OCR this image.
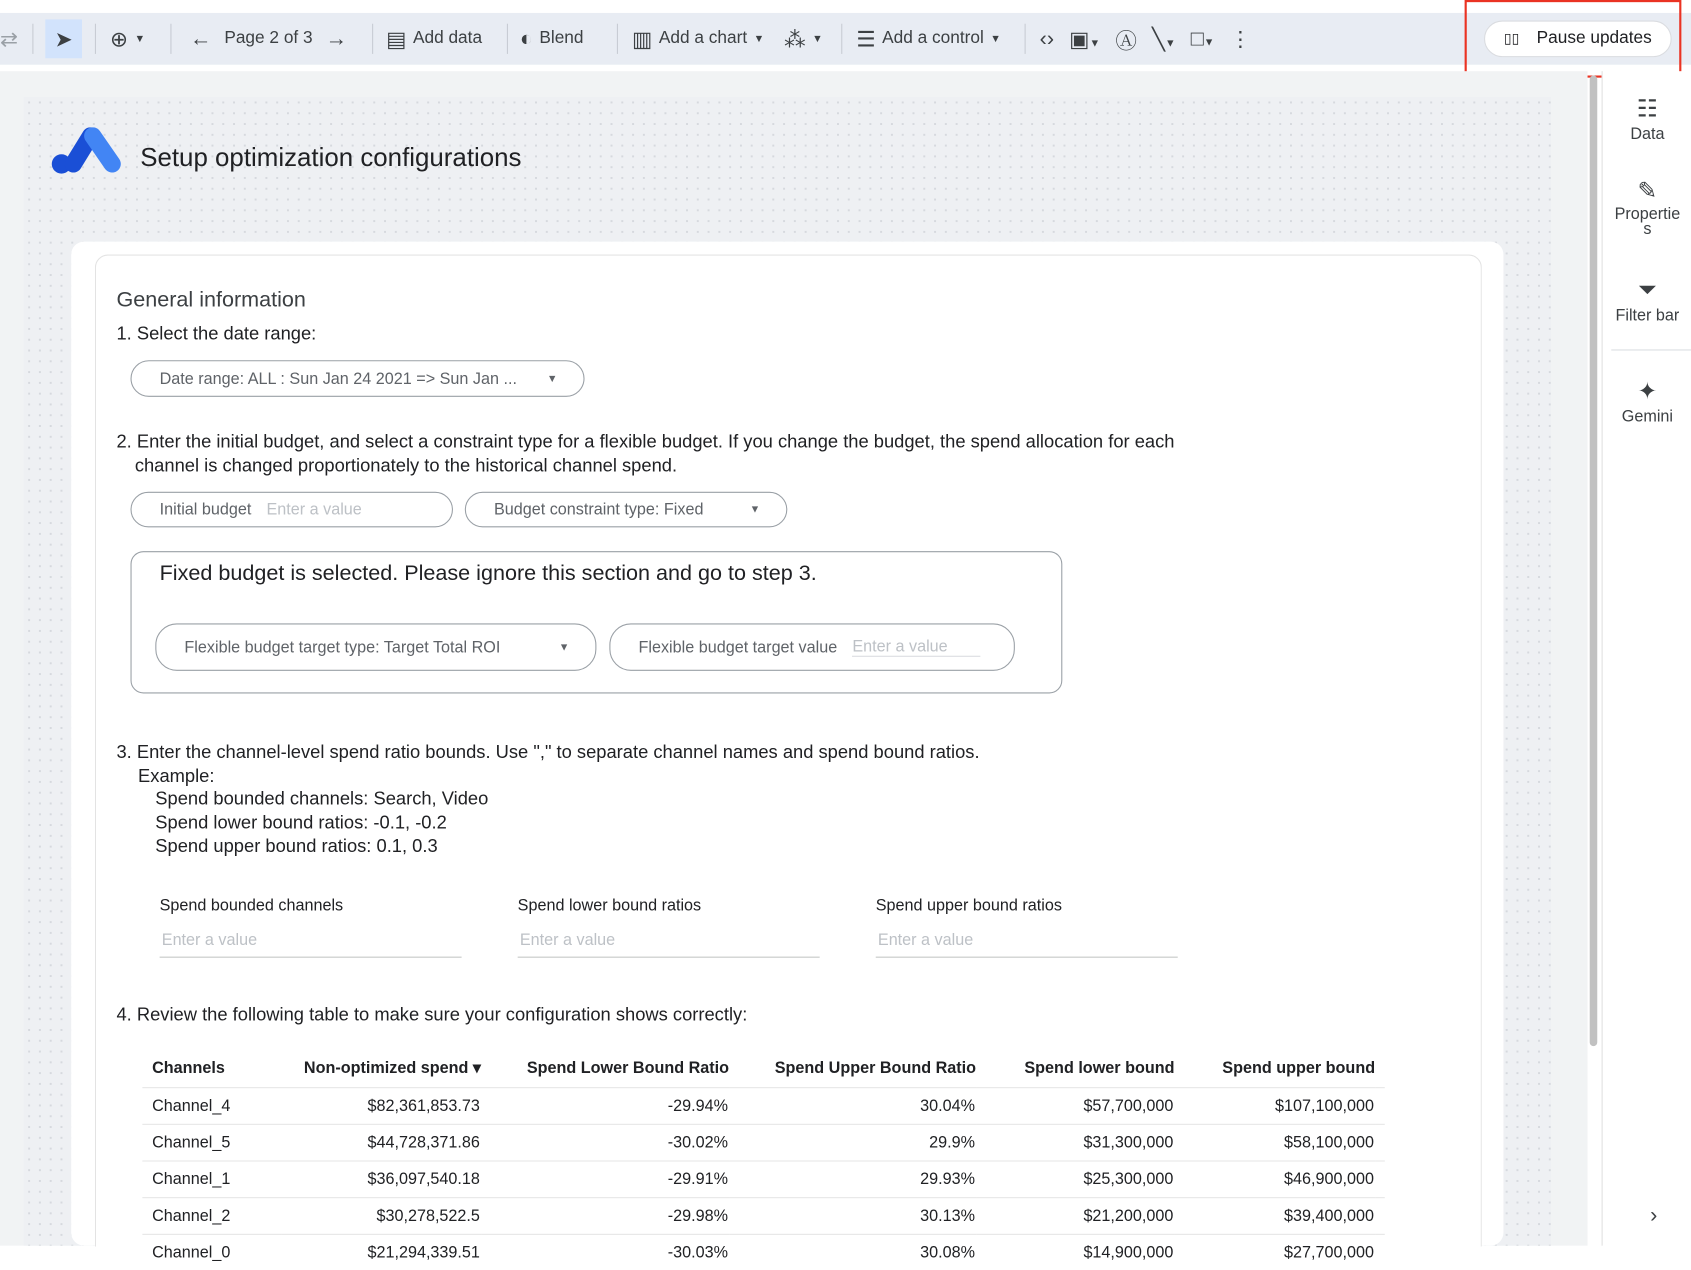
⇄ ➤ ⊕ ▼ ← Page 2 of 3 → ▤ Add data ◐ Blend ▥ Add a chart ▼ ⁂ ▼ ☰ Add a control ▼ ‹› ▣▼ Ⓐ ╲▼ □▼ ⋮	▯▯ Pause updates
☷
Data
✎
Propertie
s
⏷
Filter bar
✦
Gemini
›
Setup optimization configurations
General information
1. Select the date range:
Date range: ALL : Sun Jan 24 2021 => Sun Jan ...	▼
2. Enter the initial budget, and select a constraint type for a flexible budget. If you change the budget, the spend allocation for each
channel is changed proportionately to the historical channel spend.
Initial budget Enter a value	Budget constraint type: Fixed	▼
Fixed budget is selected. Please ignore this section and go to step 3.
Flexible budget target type: Target Total ROI	▼	Flexible budget target value Enter a value
3. Enter the channel-level spend ratio bounds. Use "," to separate channel names and spend bound ratios.
Example:
Spend bounded channels: Search, Video
Spend lower bound ratios: -0.1, -0.2
Spend upper bound ratios: 0.1, 0.3
Spend bounded channels	Spend lower bound ratios	Spend upper bound ratios
Enter a value	Enter a value	Enter a value
4. Review the following table to make sure your configuration shows correctly:
Channels	Non-optimized spend ▾	Spend Lower Bound Ratio	Spend Upper Bound Ratio	Spend lower bound	Spend upper bound	
Channel_4	$82,361,853.73	-29.94%	30.04%	$57,700,000	$107,100,000	
Channel_5	$44,728,371.86	-30.02%	29.9%	$31,300,000	$58,100,000	
Channel_1	$36,097,540.18	-29.91%	29.93%	$25,300,000	$46,900,000	
Channel_2	$30,278,522.5	-29.98%	30.13%	$21,200,000	$39,400,000	
Channel_0	$21,294,339.51	-30.03%	30.08%	$14,900,000	$27,700,000	
